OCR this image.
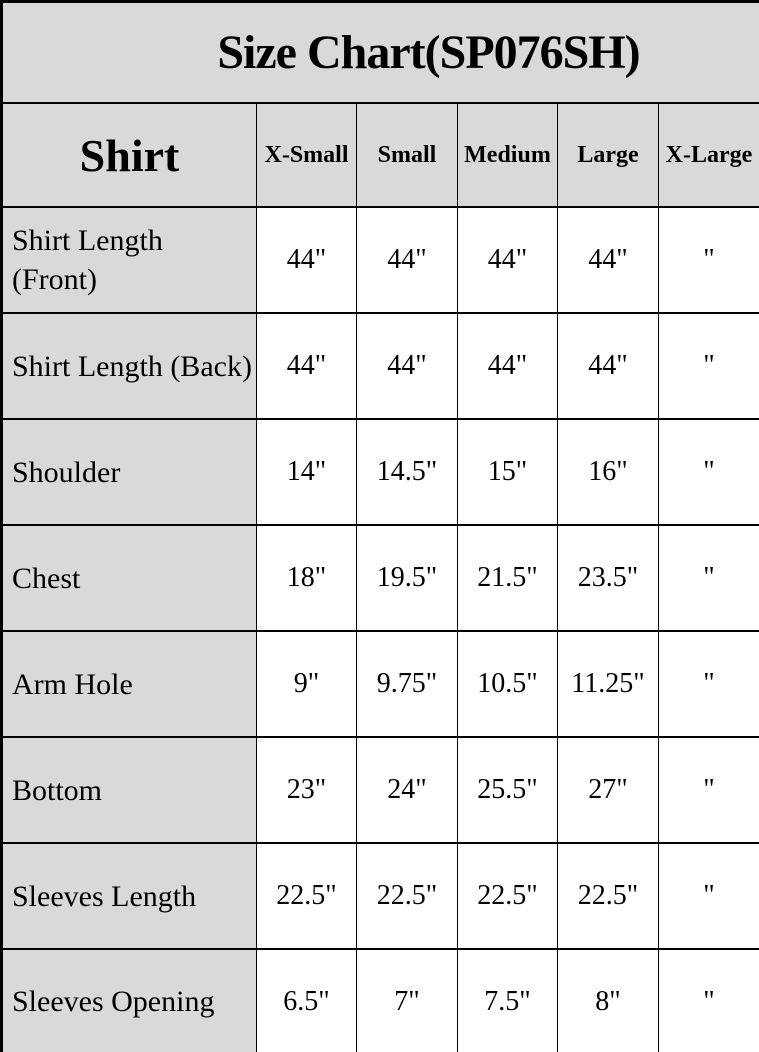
Size Chart(SP076SH)					
Shirt	X-Small	Small	Medium	Large	X-Large
Shirt Length (Front)	44"	44"	44"	44"	"
Shirt Length (Back)	44"	44"	44"	44"	"
Shoulder	14"	14.5"	15"	16"	"
Chest	18"	19.5"	21.5"	23.5"	"
Arm Hole	9"	9.75"	10.5"	11.25"	"
Bottom	23"	24"	25.5"	27"	"
Sleeves Length	22.5"	22.5"	22.5"	22.5"	"
Sleeves Opening	6.5"	7"	7.5"	8"	"
